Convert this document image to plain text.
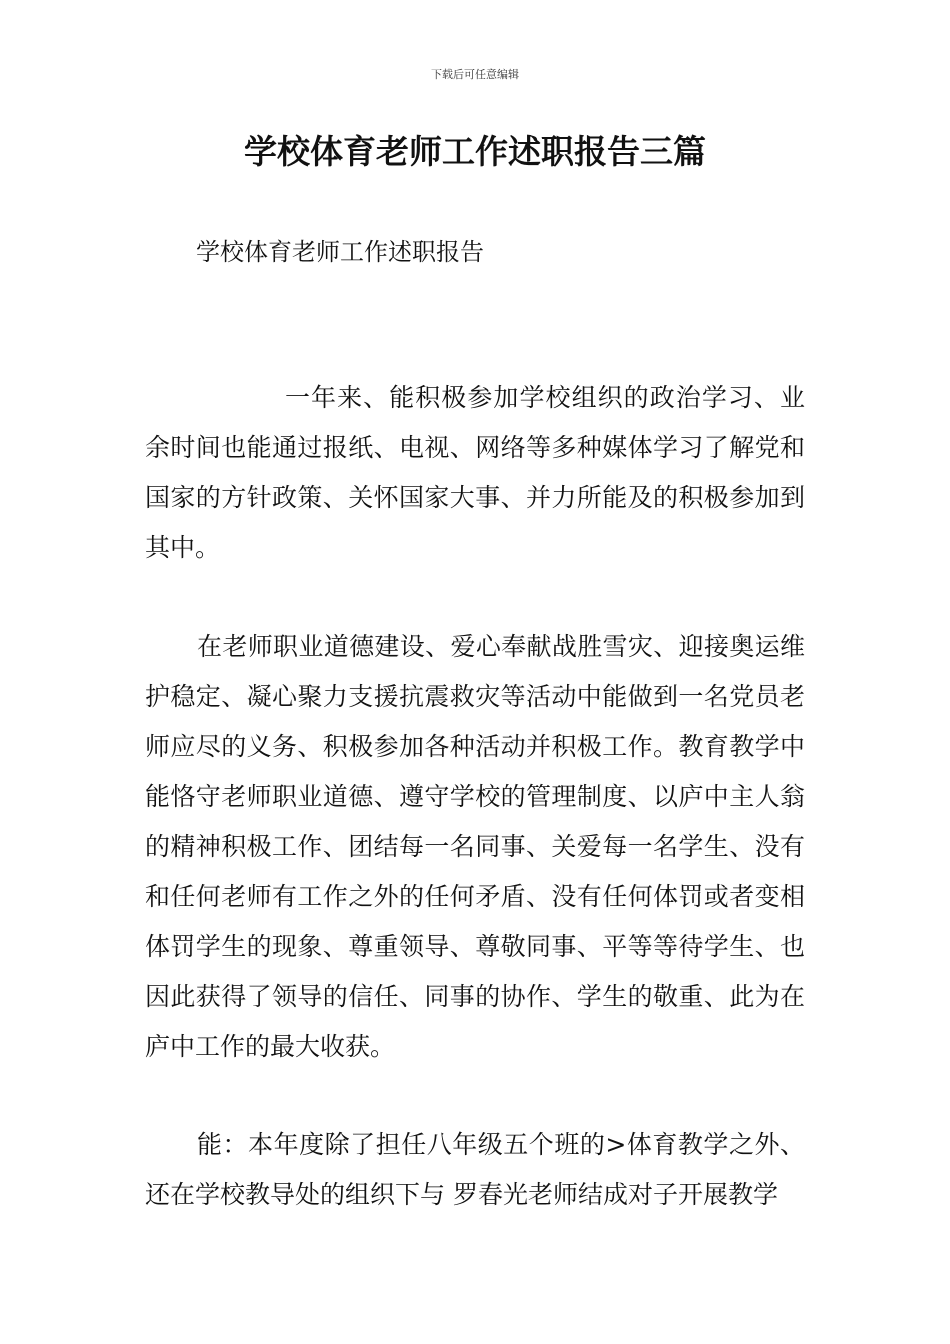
下载后可任意编辑
学校体育老师工作述职报告三篇

学校体育老师工作述职报告

一年来、能积极参加学校组织的政治学习、业余时间也能通过报纸、电视、网络等多种媒体学习了解党和国家的方针政策、关怀国家大事、并力所能及的积极参加到其中。

在老师职业道德建设、爱心奉献战胜雪灾、迎接奥运维护稳定、凝心聚力支援抗震救灾等活动中能做到一名党员老师应尽的义务、积极参加各种活动并积极工作。教育教学中能恪守老师职业道德、遵守学校的管理制度、以庐中主人翁的精神积极工作、团结每一名同事、关爱每一名学生、没有和任何老师有工作之外的任何矛盾、没有任何体罚或者变相体罚学生的现象、尊重领导、尊敬同事、平等等待学生、也因此获得了领导的信任、同事的协作、学生的敬重、此为在庐中工作的最大收获。

能：本年度除了担任八年级五个班的>体育教学之外、还在学校教导处的组织下与 罗春光老师结成对子开展教学
